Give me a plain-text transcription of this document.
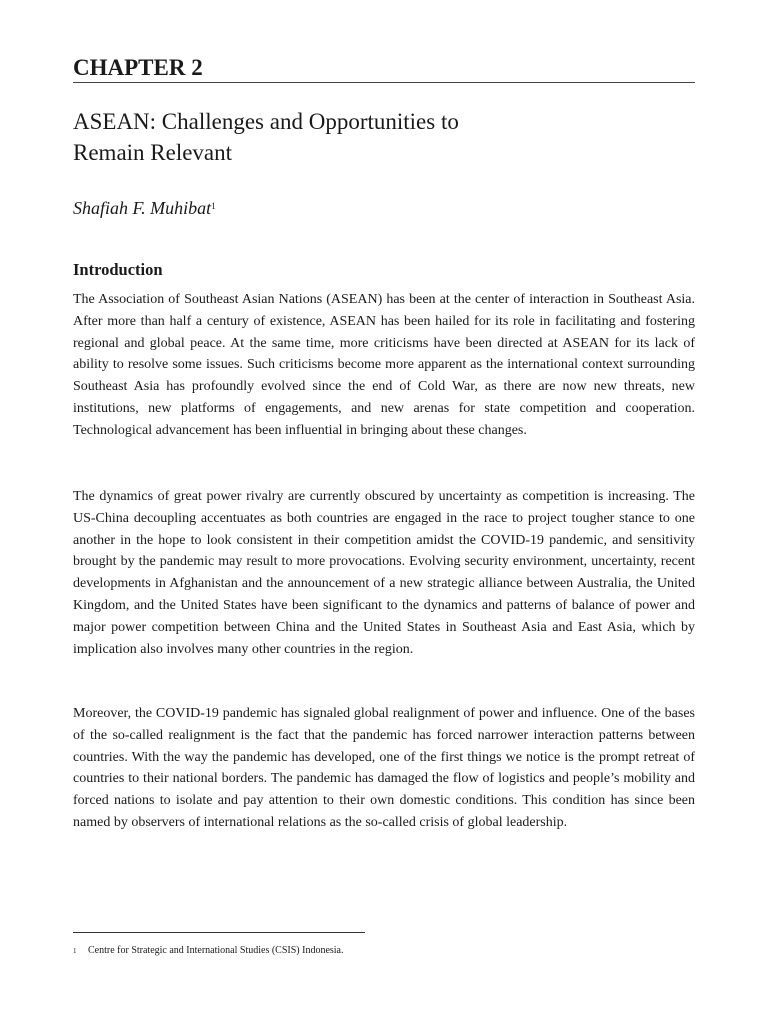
CHAPTER 2
ASEAN: Challenges and Opportunities to
Remain Relevant
Shafiah F. Muhibat$^1$
Introduction

The Association of Southeast Asian Nations (ASEAN) has been at the center of interaction in Southeast Asia. After more than half a century of existence, ASEAN has been hailed for its role in facilitating and fostering regional and global peace. At the same time, more criticisms have been directed at ASEAN for its lack of ability to resolve some issues. Such criticisms become more apparent as the international context surrounding Southeast Asia has profoundly evolved since the end of Cold War, as there are now new threats, new institutions, new platforms of engagements, and new arenas for state competition and cooperation. Technological advancement has been influential in bringing about these changes.

The dynamics of great power rivalry are currently obscured by uncertainty as competition is increasing. The US-China decoupling accentuates as both countries are engaged in the race to project tougher stance to one another in the hope to look consistent in their competition amidst the COVID-19 pandemic, and sensitivity brought by the pandemic may result to more provocations. Evolving security environment, uncertainty, recent developments in Afghanistan and the announcement of a new strategic alliance between Australia, the United Kingdom, and the United States have been significant to the dynamics and patterns of balance of power and major power competition between China and the United States in Southeast Asia and East Asia, which by implication also involves many other countries in the region.

Moreover, the COVID-19 pandemic has signaled global realignment of power and influence. One of the bases of the so-called realignment is the fact that the pandemic has forced narrower interaction patterns between countries. With the way the pandemic has developed, one of the first things we notice is the prompt retreat of countries to their national borders. The pandemic has damaged the flow of logistics and people’s mobility and forced nations to isolate and pay attention to their own domestic conditions. This condition has since been named by observers of international relations as the so-called crisis of global leadership.

1 Centre for Strategic and International Studies (CSIS) Indonesia.
